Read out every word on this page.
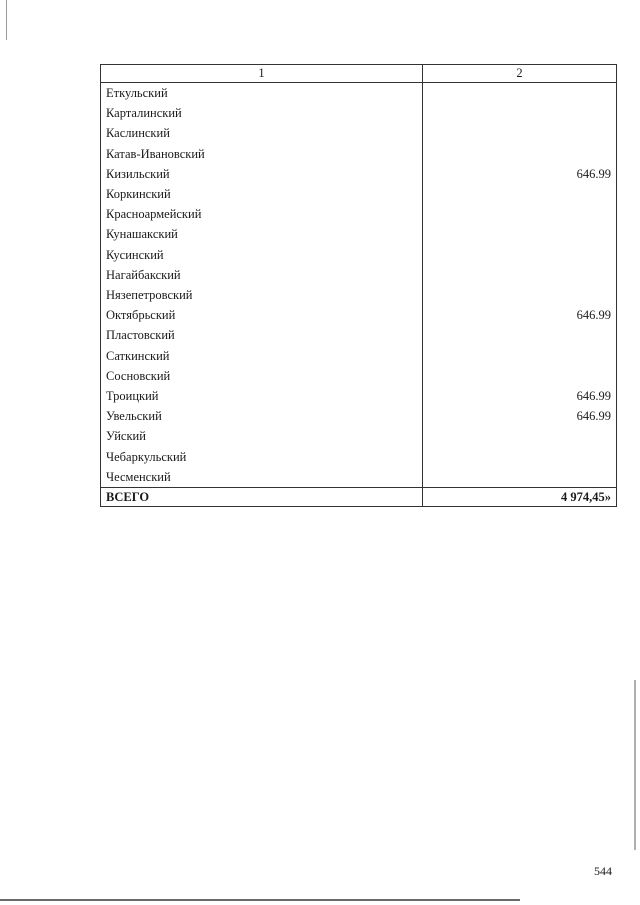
1	2
Еткульский	
Карталинский	
Каслинский	
Катав-Ивановский	
Кизильский	646.99
Коркинский	
Красноармейский	
Кунашакский	
Кусинский	
Нагайбакский	
Нязепетровский	
Октябрьский	646.99
Пластовский	
Саткинский	
Сосновский	
Троицкий	646.99
Увельский	646.99
Уйский	
Чебаркульский	
Чесменский	
ВСЕГО	4 974,45»
544
